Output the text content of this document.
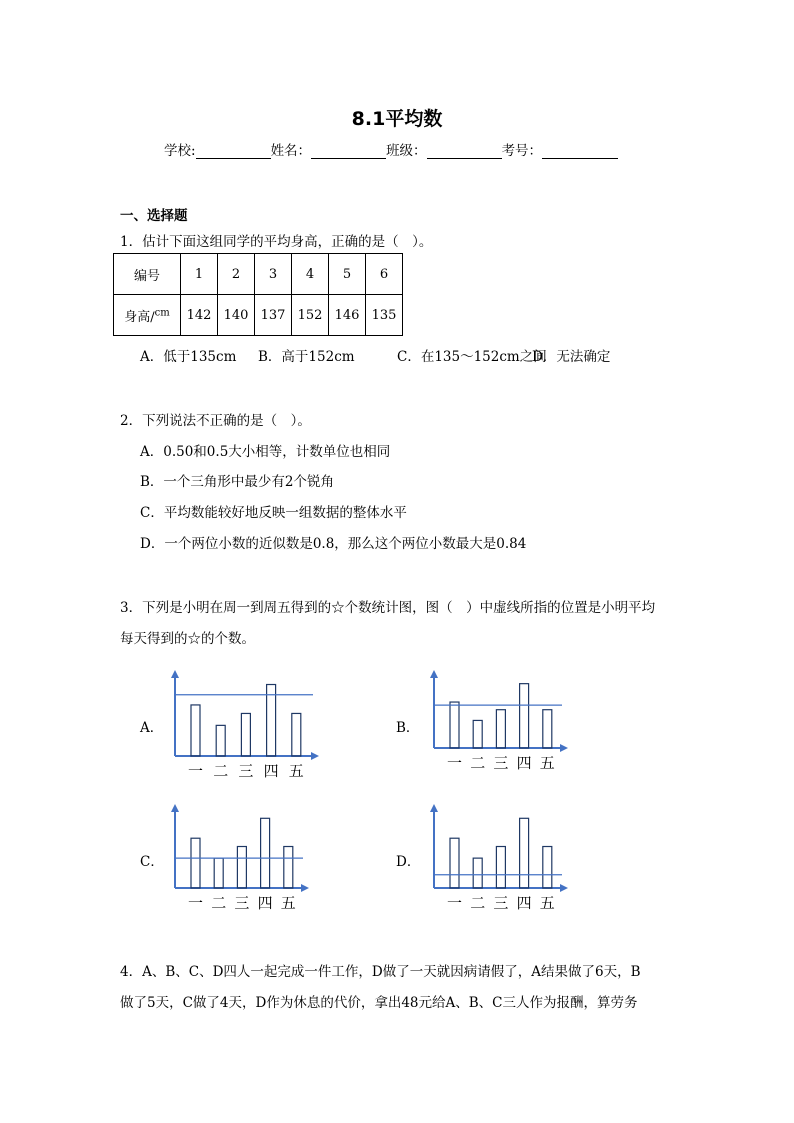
8.1平均数
学校:	姓名：	班级：	考号：
一、选择题
1．估计下面这组同学的平均身高，正确的是（　）。
编号	1	2	3	4	5	6
身高/$^{cm}$	142	140	137	152	146	135
A．低于135cm B．高于152cm	C．在135～152cm之间
D．无法确定
2．下列说法不正确的是（　）。
A．0.50和0.5大小相等，计数单位也相同
B．一个三角形中最少有2个锐角
C．平均数能较好地反映一组数据的整体水平
D．一个两位小数的近似数是0.8，那么这个两位小数最大是0.84
3．下列是小明在周一到周五得到的☆个数统计图，图（　）中虚线所指的位置是小明平均
每天得到的☆的个数。
A．	B．
C．	D．
一 二 三 四 五	一 二 三 四 五
一 二 三 四 五	一 二 三 四 五
4．A、B、C、D四人一起完成一件工作，D做了一天就因病请假了，A结果做了6天，B
做了5天，C做了4天，D作为休息的代价，拿出48元给A、B、C三人作为报酬，算劳务
